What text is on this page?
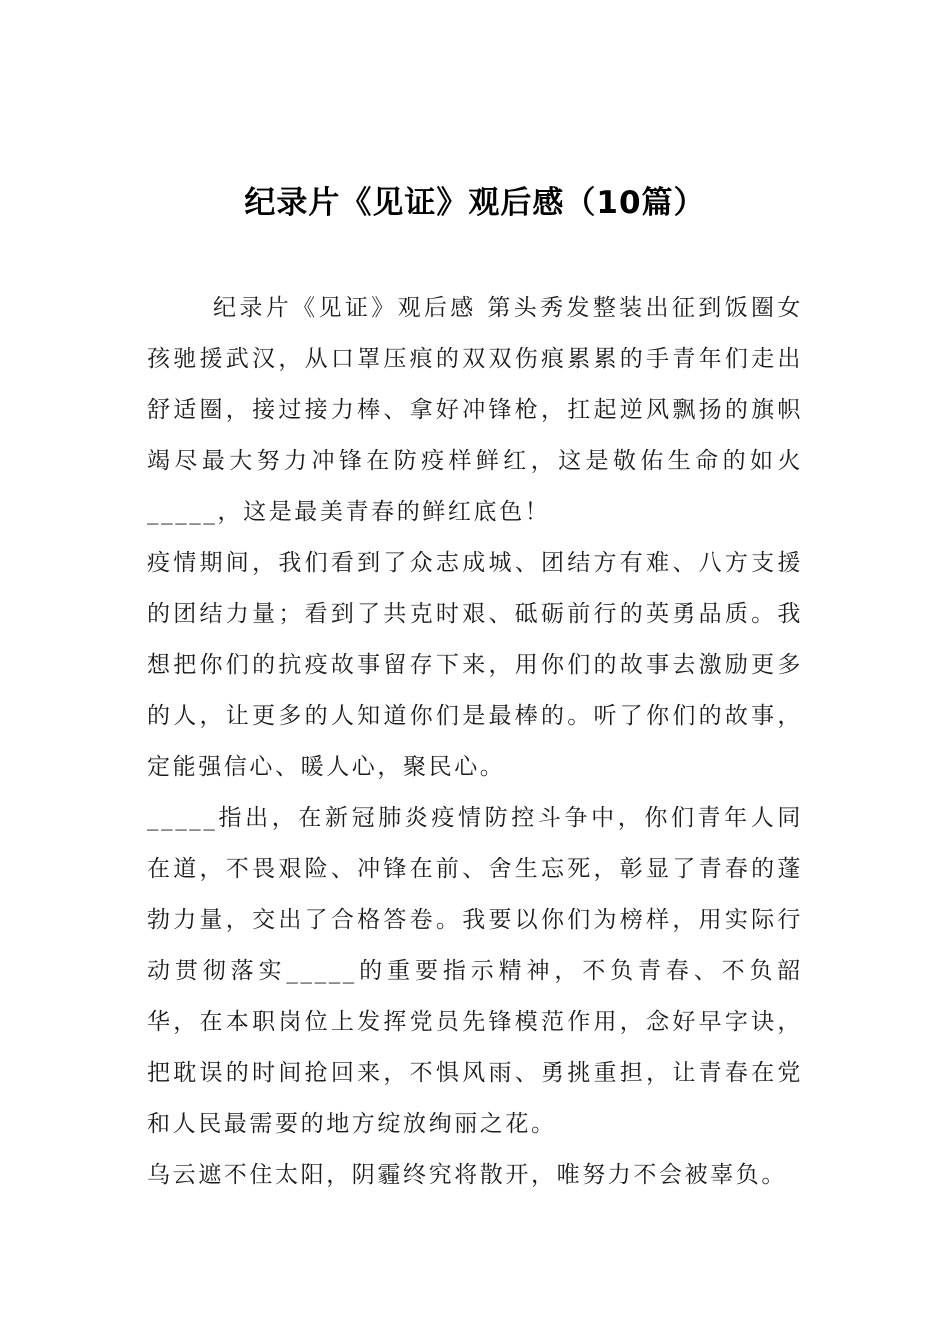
纪录片《见证》观后感（10篇）

纪录片《见证》观后感 第头秀发整装出征到饭圈女孩驰援武汉，从口罩压痕的双双伤痕累累的手青年们走出舒适圈，接过接力棒、拿好冲锋枪，扛起逆风飘扬的旗帜竭尽最大努力冲锋在防疫样鲜红，这是敬佑生命的如火_____，这是最美青春的鲜红底色！

疫情期间，我们看到了众志成城、团结方有难、八方支援的团结力量；看到了共克时艰、砥砺前行的英勇品质。我想把你们的抗疫故事留存下来，用你们的故事去激励更多的人，让更多的人知道你们是最棒的。听了你们的故事，定能强信心、暖人心，聚民心。

_____指出，在新冠肺炎疫情防控斗争中，你们青年人同在道，不畏艰险、冲锋在前、舍生忘死，彰显了青春的蓬勃力量，交出了合格答卷。我要以你们为榜样，用实际行动贯彻落实_____的重要指示精神，不负青春、不负韶华，在本职岗位上发挥党员先锋模范作用，念好早字诀，把耽误的时间抢回来，不惧风雨、勇挑重担，让青春在党和人民最需要的地方绽放绚丽之花。

乌云遮不住太阳，阴霾终究将散开，唯努力不会被辜负。
